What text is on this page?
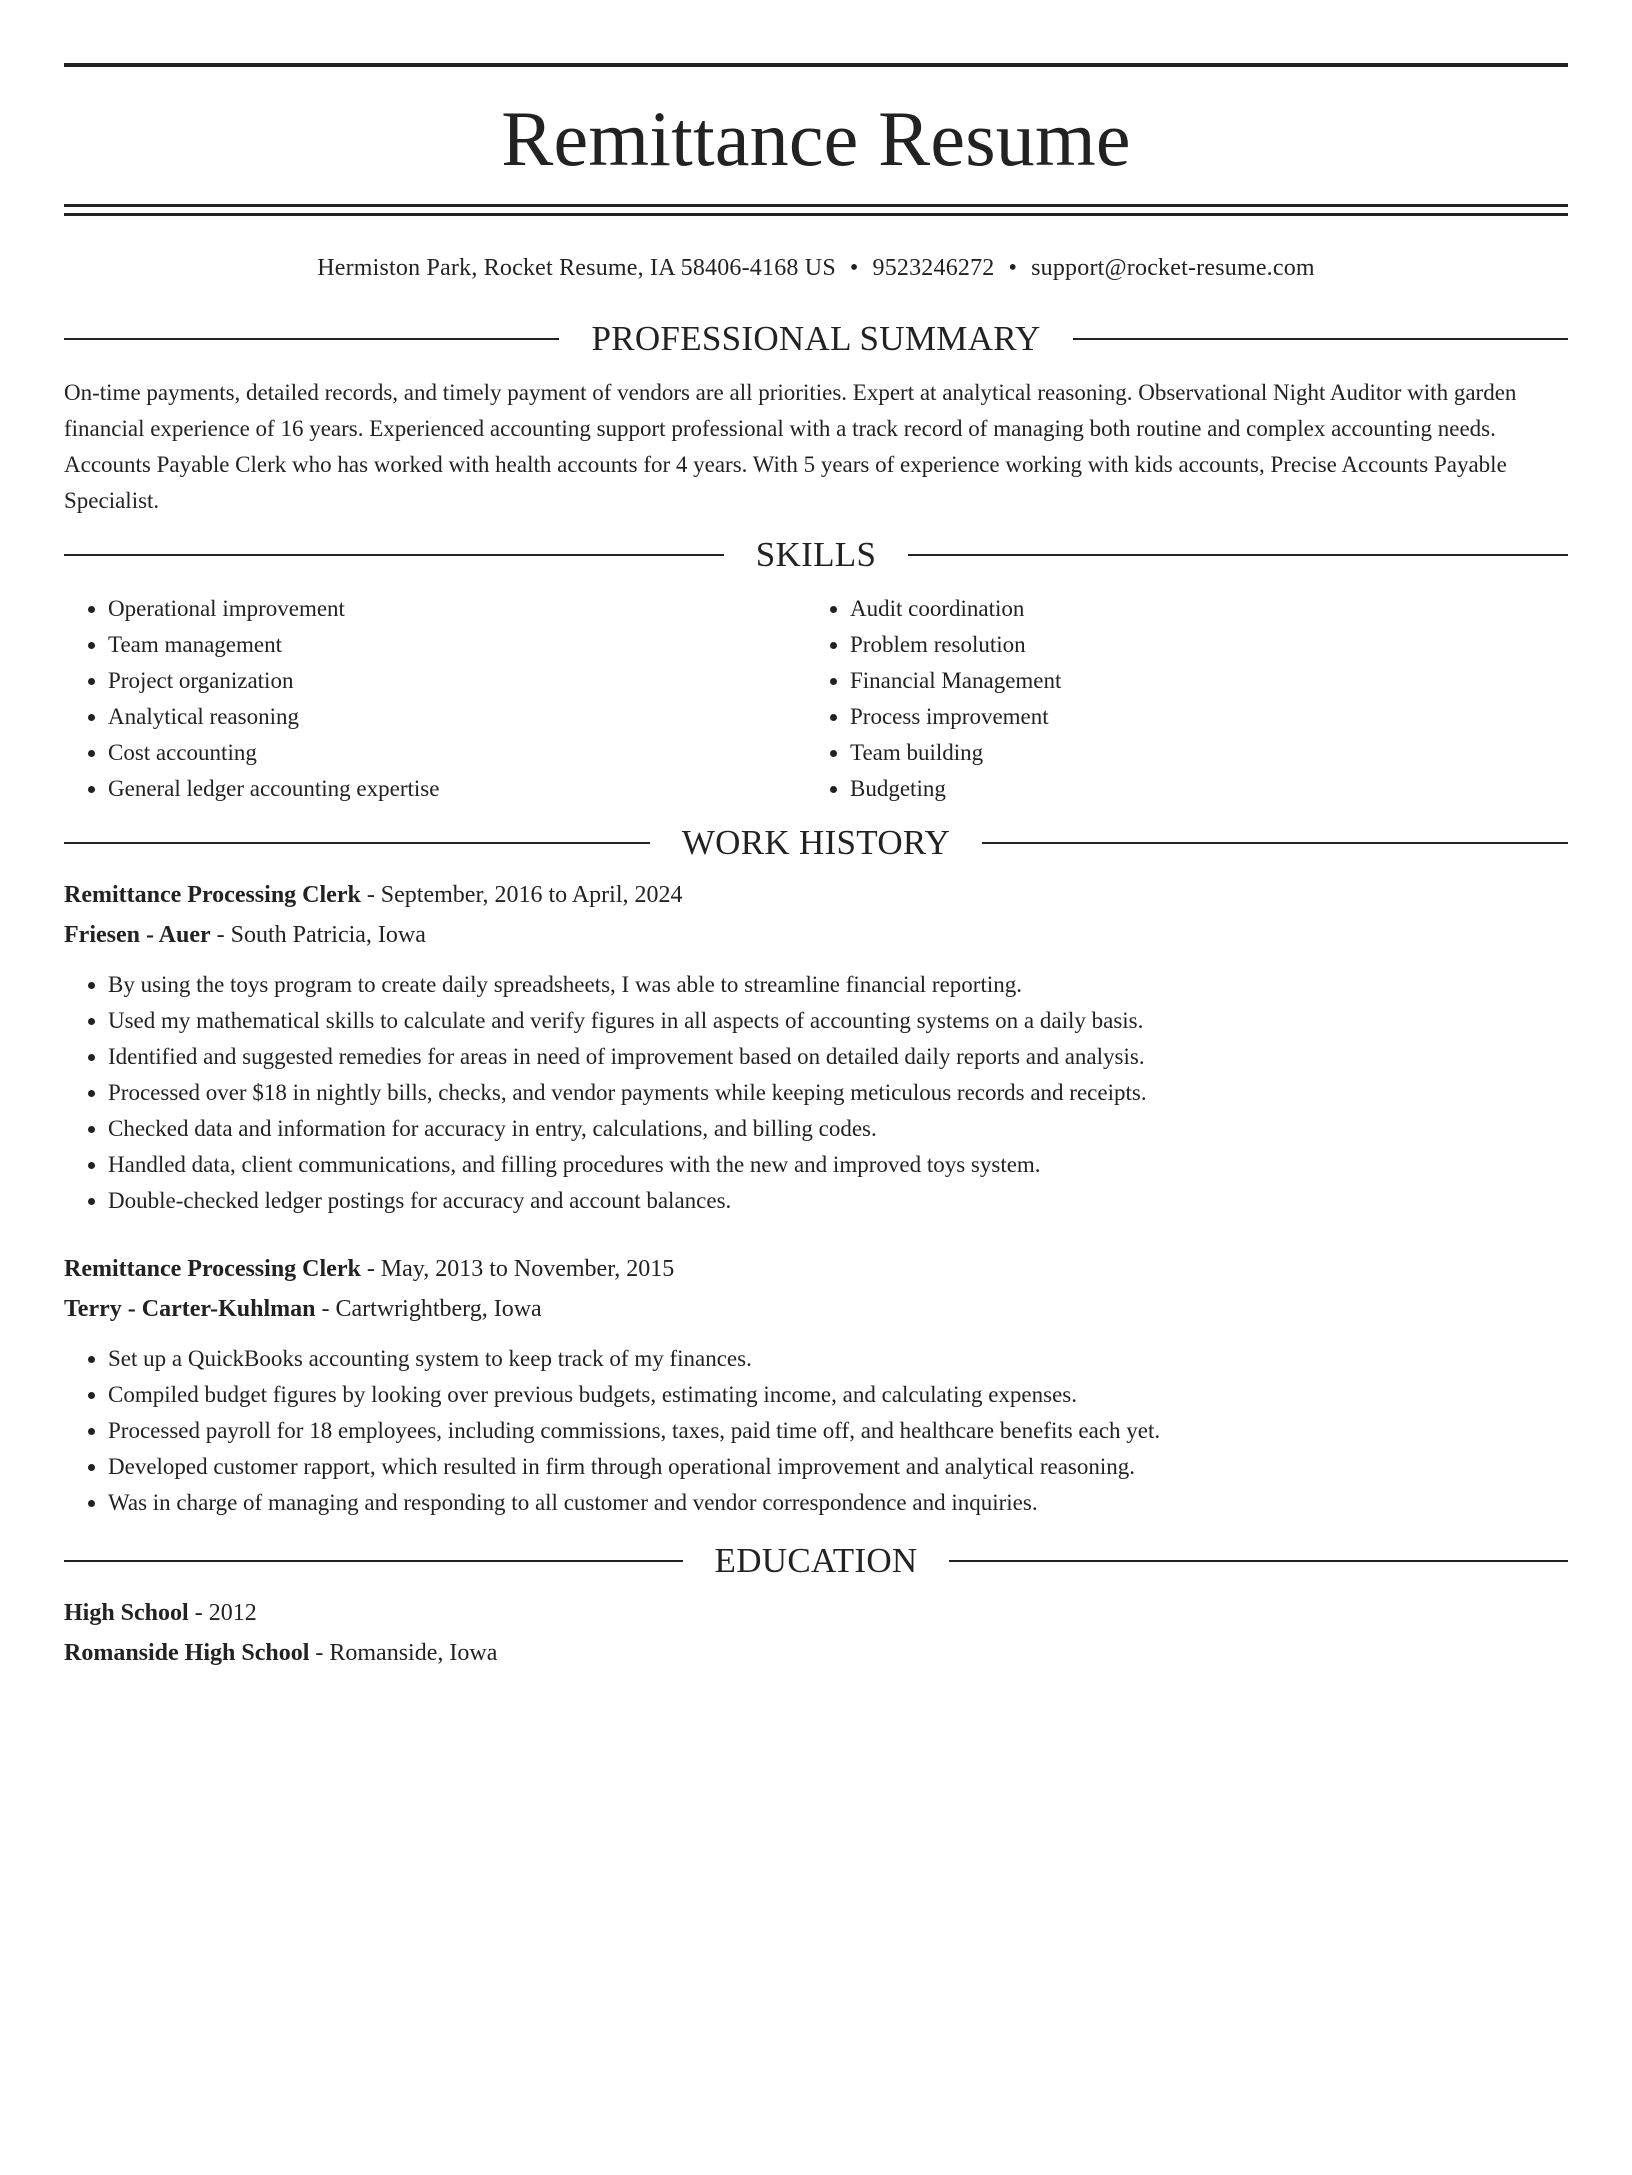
Remittance Resume
Hermiston Park, Rocket Resume, IA 58406-4168 US • 9523246272 • support@rocket-resume.com
PROFESSIONAL SUMMARY

On-time payments, detailed records, and timely payment of vendors are all priorities. Expert at analytical reasoning. Observational Night Auditor with garden financial experience of 16 years. Experienced accounting support professional with a track record of managing both routine and complex accounting needs. Accounts Payable Clerk who has worked with health accounts for 4 years. With 5 years of experience working with kids accounts, Precise Accounts Payable Specialist.

SKILLS
• Operational improvement
• Team management
• Project organization
• Analytical reasoning
• Cost accounting
• General ledger accounting expertise
• Audit coordination
• Problem resolution
• Financial Management
• Process improvement
• Team building
• Budgeting
WORK HISTORY
Remittance Processing Clerk - September, 2016 to April, 2024
Friesen - Auer - South Patricia, Iowa
• By using the toys program to create daily spreadsheets, I was able to streamline financial reporting.
• Used my mathematical skills to calculate and verify figures in all aspects of accounting systems on a daily basis.
• Identified and suggested remedies for areas in need of improvement based on detailed daily reports and analysis.
• Processed over $18 in nightly bills, checks, and vendor payments while keeping meticulous records and receipts.
• Checked data and information for accuracy in entry, calculations, and billing codes.
• Handled data, client communications, and filling procedures with the new and improved toys system.
• Double-checked ledger postings for accuracy and account balances.
Remittance Processing Clerk - May, 2013 to November, 2015
Terry - Carter-Kuhlman - Cartwrightberg, Iowa
• Set up a QuickBooks accounting system to keep track of my finances.
• Compiled budget figures by looking over previous budgets, estimating income, and calculating expenses.
• Processed payroll for 18 employees, including commissions, taxes, paid time off, and healthcare benefits each yet.
• Developed customer rapport, which resulted in firm through operational improvement and analytical reasoning.
• Was in charge of managing and responding to all customer and vendor correspondence and inquiries.
EDUCATION
High School - 2012
Romanside High School - Romanside, Iowa
